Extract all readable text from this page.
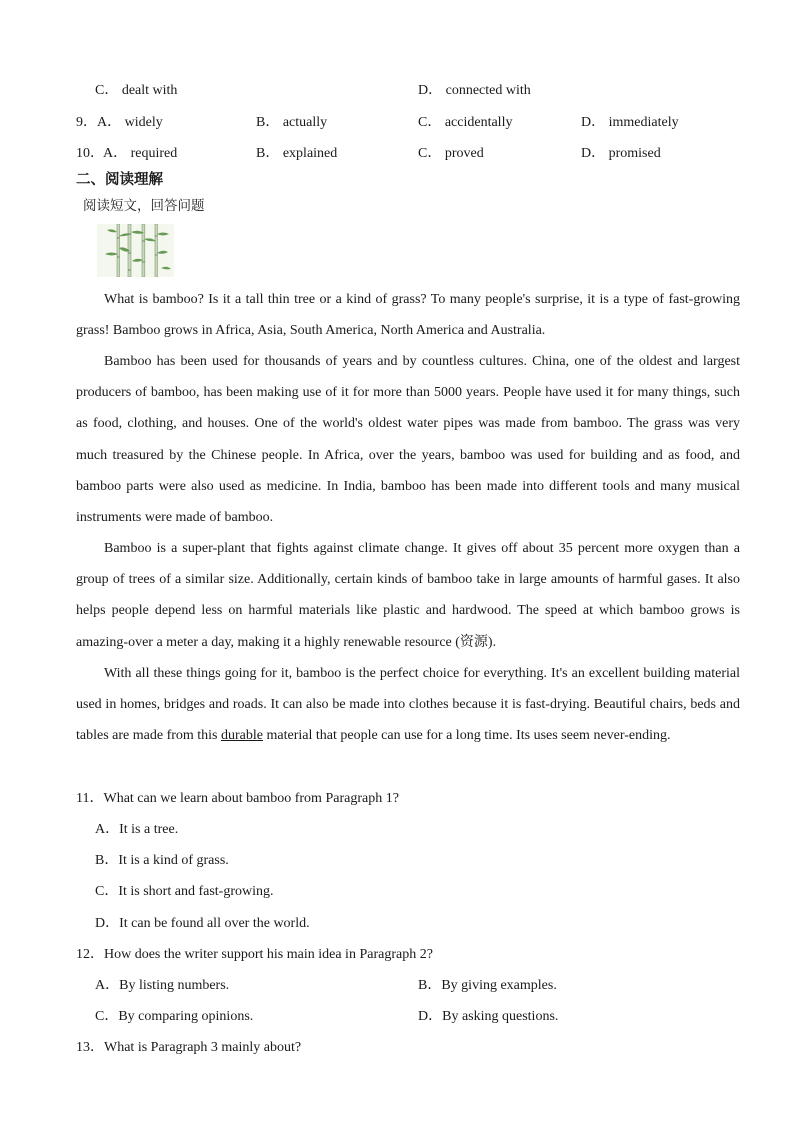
C． dealt with	D． connected with
9． A． widely	B． actually	C． accidentally	D． immediately
10． A． required	B． explained	C． proved	D． promised
二、阅读理解
阅读短文，回答问题

What is bamboo? Is it a tall thin tree or a kind of grass? To many people's surprise, it is a type of fast-growing grass! Bamboo grows in Africa, Asia, South America, North America and Australia.

Bamboo has been used for thousands of years and by countless cultures. China, one of the oldest and largest producers of bamboo, has been making use of it for more than 5000 years. People have used it for many things, such as food, clothing, and houses. One of the world's oldest water pipes was made from bamboo. The grass was very much treasured by the Chinese people. In Africa, over the years, bamboo was used for building and as food, and bamboo parts were also used as medicine. In India, bamboo has been made into different tools and many musical instruments were made of bamboo.

Bamboo is a super-plant that fights against climate change. It gives off about 35 percent more oxygen than a group of trees of a similar size. Additionally, certain kinds of bamboo take in large amounts of harmful gases. It also helps people depend less on harmful materials like plastic and hardwood. The speed at which bamboo grows is amazing-over a meter a day, making it a highly renewable resource (资源).

With all these things going for it, bamboo is the perfect choice for everything. It's an excellent building material used in homes, bridges and roads. It can also be made into clothes because it is fast-drying. Beautiful chairs, beds and tables are made from this durable material that people can use for a long time. Its uses seem never-ending.

11．What can we learn about bamboo from Paragraph 1?
A．It is a tree.
B．It is a kind of grass.
C．It is short and fast-growing.
D．It can be found all over the world.
12．How does the writer support his main idea in Paragraph 2?
A．By listing numbers.	B．By giving examples.
C．By comparing opinions.	D．By asking questions.
13．What is Paragraph 3 mainly about?
